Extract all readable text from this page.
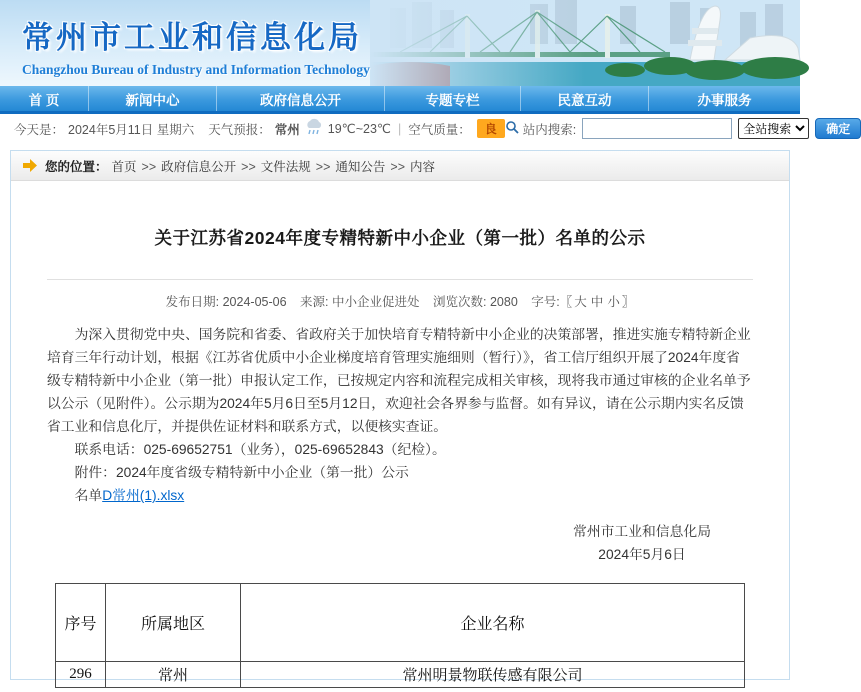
常州市工业和信息化局
Changzhou Bureau of Industry and Information Technology
首 页	新闻中心	政府信息公开	专题专栏	民意互动	办事服务
今天是： 2024年5月11日 星期六 天气预报： 常州 19℃~23℃ | 空气质量：	良	站内搜索:
全站搜索	确定
您的位置： 首页 >> 政府信息公开 >> 文件法规 >> 通知公告 >> 内容
关于江苏省2024年度专精特新中小企业（第一批）名单的公示
发布日期: 2024-05-06 来源: 中小企业促进处 浏览次数: 2080 字号:〖 大 中 小 〗

为深入贯彻党中央、国务院和省委、省政府关于加快培育专精特新中小企业的决策部署，推进实施专精特新企业培育三年行动计划，根据《江苏省优质中小企业梯度培育管理实施细则（暂行）》，省工信厅组织开展了2024年度省级专精特新中小企业（第一批）申报认定工作，已按规定内容和流程完成相关审核，现将我市通过审核的企业名单予以公示（见附件）。公示期为2024年5月6日至5月12日，欢迎社会各界参与监督。如有异议，请在公示期内实名反馈省工业和信息化厅，并提供佐证材料和联系方式，以便核实查证。

联系电话：025-69652751（业务），025-69652843（纪检）。

附件：2024年度省级专精特新中小企业（第一批）公示

名单D常州(1).xlsx

常州市工业和信息化局
2024年5月6日
序号	所属地区	企业名称
296	常州	常州明景物联传感有限公司
